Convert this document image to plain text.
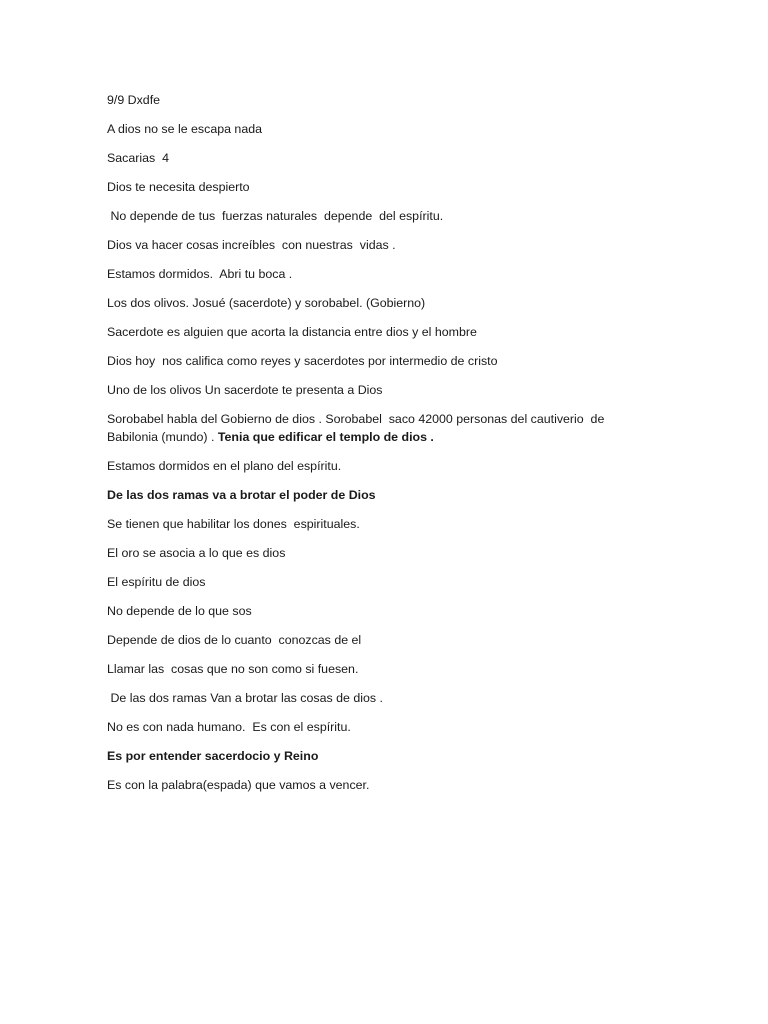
9/9 Dxdfe

A dios no se le escapa nada

Sacarias  4

Dios te necesita despierto

No depende de tus  fuerzas naturales  depende  del espíritu.

Dios va hacer cosas increíbles  con nuestras  vidas .

Estamos dormidos.  Abri tu boca .

Los dos olivos. Josué (sacerdote) y sorobabel. (Gobierno)

Sacerdote es alguien que acorta la distancia entre dios y el hombre

Dios hoy  nos califica como reyes y sacerdotes por intermedio de cristo

Uno de los olivos Un sacerdote te presenta a Dios

Sorobabel habla del Gobierno de dios . Sorobabel  saco 42000 personas del cautiverio  de Babilonia (mundo) . Tenia que edificar el templo de dios .

Estamos dormidos en el plano del espíritu.

De las dos ramas va a brotar el poder de Dios

Se tienen que habilitar los dones  espirituales.

El oro se asocia a lo que es dios

El espíritu de dios

No depende de lo que sos

Depende de dios de lo cuanto  conozcas de el

Llamar las  cosas que no son como si fuesen.

De las dos ramas Van a brotar las cosas de dios .

No es con nada humano.  Es con el espíritu.

Es por entender sacerdocio y Reino

Es con la palabra(espada) que vamos a vencer.
